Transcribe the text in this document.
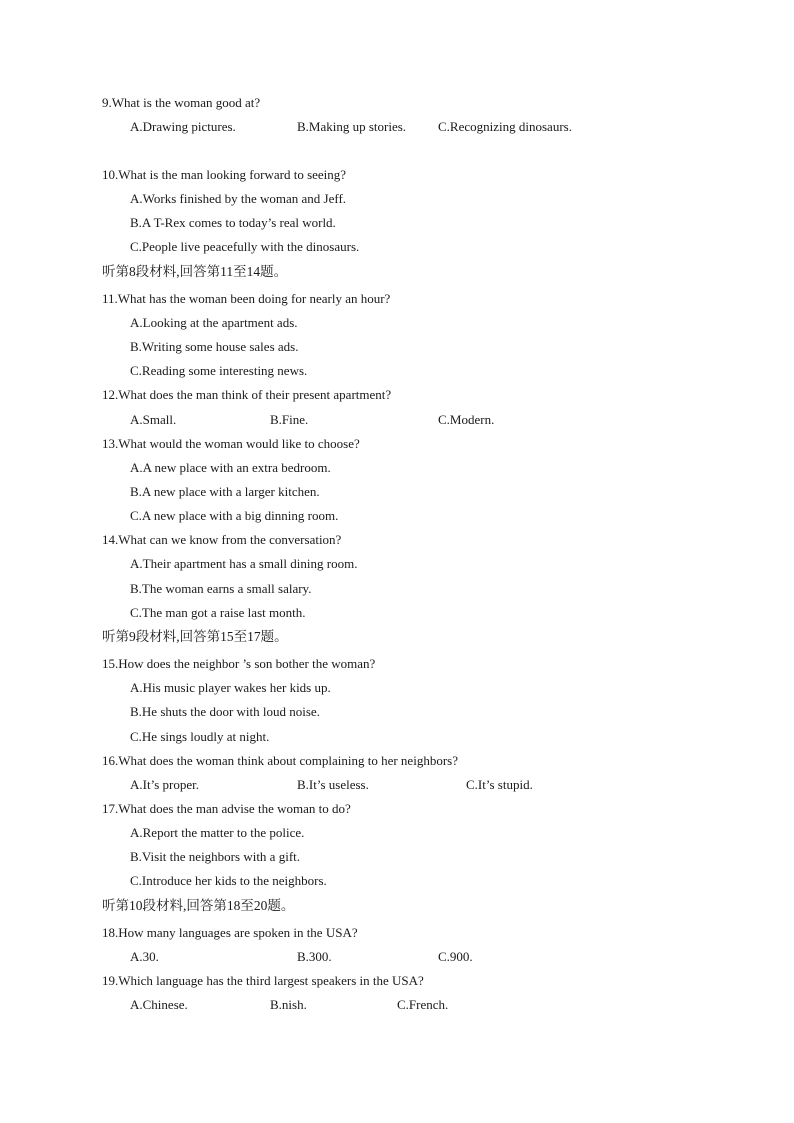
9.What is the woman good at?
A.Drawing pictures.	B.Making up stories. C.Recognizing dinosaurs.
10.What is the man looking forward to seeing?
A.Works finished by the woman and Jeff.
B.A T-Rex comes to today’s real world.
C.People live peacefully with the dinosaurs.
听第8段材料,回答第11至14题。
11.What has the woman been doing for nearly an hour?
A.Looking at the apartment ads.
B.Writing some house sales ads.
C.Reading some interesting news.
12.What does the man think of their present apartment?
A.Small.	B.Fine.	C.Modern.
13.What would the woman would like to choose?
A.A new place with an extra bedroom.
B.A new place with a larger kitchen.
C.A new place with a big dinning room.
14.What can we know from the conversation?
A.Their apartment has a small dining room.
B.The woman earns a small salary.
C.The man got a raise last month.
听第9段材料,回答第15至17题。
15.How does the neighbor ’s son bother the woman?
A.His music player wakes her kids up.
B.He shuts the door with loud noise.
C.He sings loudly at night.
16.What does the woman think about complaining to her neighbors?
A.It’s proper.	B.It’s useless.	C.It’s stupid.
17.What does the man advise the woman to do?
A.Report the matter to the police.
B.Visit the neighbors with a gift.
C.Introduce her kids to the neighbors.
听第10段材料,回答第18至20题。
18.How many languages are spoken in the USA?
A.30.	B.300.	C.900.
19.Which language has the third largest speakers in the USA?
A.Chinese.	B.nish.	C.French.
